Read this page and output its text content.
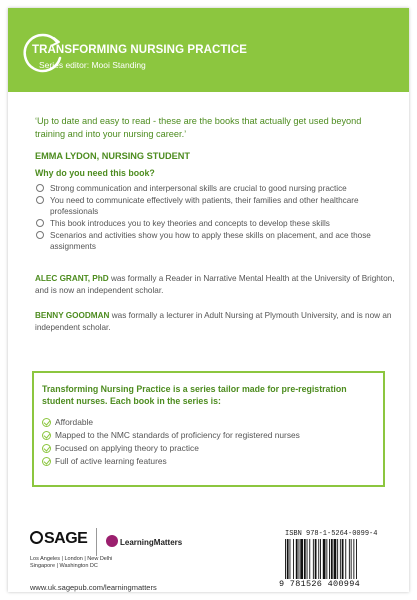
TRANSFORMING NURSING PRACTICE
Series editor: Mooi Standing
‘Up to date and easy to read - these are the books that actually get used beyond training and into your nursing career.’
EMMA LYDON, NURSING STUDENT
Why do you need this book?
Strong communication and interpersonal skills are crucial to good nursing practice
You need to communicate effectively with patients, their families and other healthcare professionals
This book introduces you to key theories and concepts to develop these skills
Scenarios and activities show you how to apply these skills on placement, and ace those assignments
ALEC GRANT, PhD was formally a Reader in Narrative Mental Health at the University of Brighton, and is now an independent scholar.
BENNY GOODMAN was formally a lecturer in Adult Nursing at Plymouth University, and is now an independent scholar.
Transforming Nursing Practice is a series tailor made for pre-registration student nurses. Each book in the series is:
Affordable
Mapped to the NMC standards of proficiency for registered nurses
Focused on applying theory to practice
Full of active learning features
SAGE	LearningMatters
Los Angeles | London | New Delhi Singapore | Washington DC
www.uk.sagepub.com/learningmatters
ISBN 978-1-5264-0099-4
9 781526 400994
